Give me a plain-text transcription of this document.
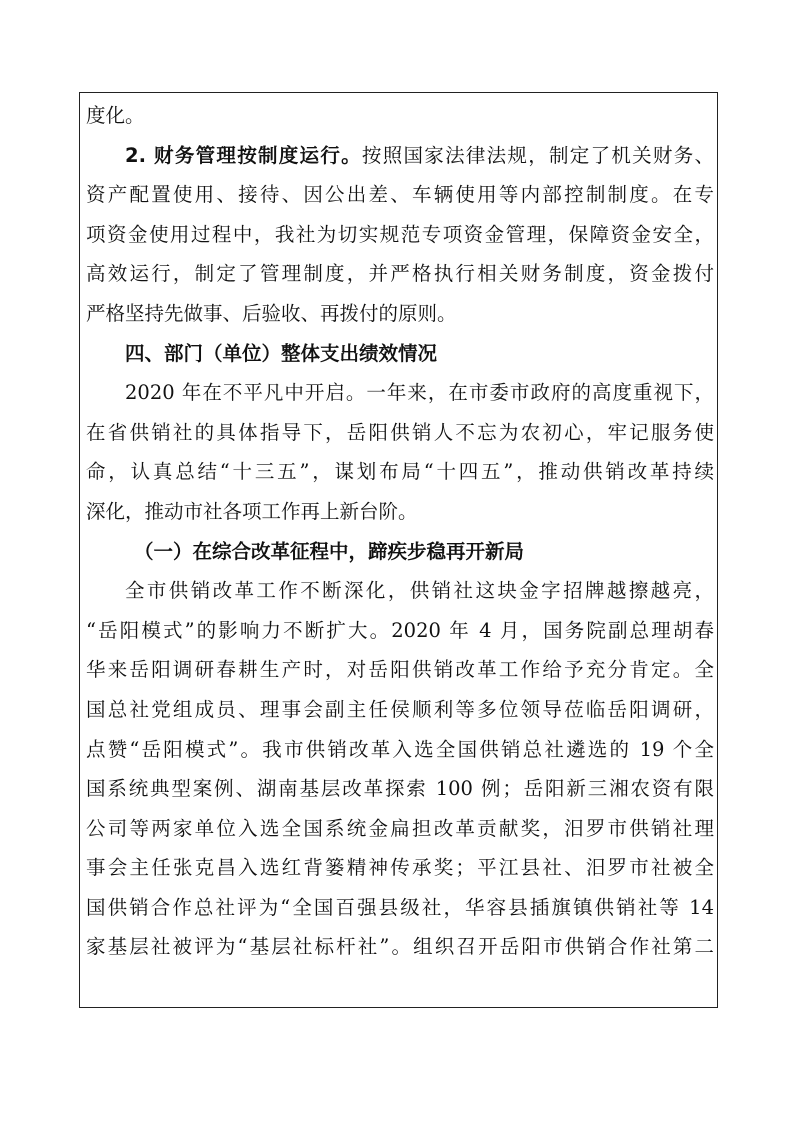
度化。
2. 财务管理按制度运行。按照国家法律法规，制定了机关财务、
资产配置使用、接待、因公出差、车辆使用等内部控制制度。在专
项资金使用过程中，我社为切实规范专项资金管理，保障资金安全，
高效运行，制定了管理制度，并严格执行相关财务制度，资金拨付
严格坚持先做事、后验收、再拨付的原则。
四、部门（单位）整体支出绩效情况
2020 年在不平凡中开启。一年来，在市委市政府的高度重视下，
在省供销社的具体指导下，岳阳供销人不忘为农初心，牢记服务使
命，认真总结“十三五”，谋划布局“十四五”，推动供销改革持续
深化，推动市社各项工作再上新台阶。
（一）在综合改革征程中，蹄疾步稳再开新局
全市供销改革工作不断深化，供销社这块金字招牌越擦越亮，
“岳阳模式”的影响力不断扩大。2020 年 4 月，国务院副总理胡春
华来岳阳调研春耕生产时，对岳阳供销改革工作给予充分肯定。全
国总社党组成员、理事会副主任侯顺利等多位领导莅临岳阳调研，
点赞“岳阳模式”。我市供销改革入选全国供销总社遴选的 19 个全
国系统典型案例、湖南基层改革探索 100 例；岳阳新三湘农资有限
公司等两家单位入选全国系统金扁担改革贡献奖，汨罗市供销社理
事会主任张克昌入选红背篓精神传承奖；平江县社、汨罗市社被全
国供销合作总社评为“全国百强县级社，华容县插旗镇供销社等 14
家基层社被评为“基层社标杆社”。组织召开岳阳市供销合作社第二
